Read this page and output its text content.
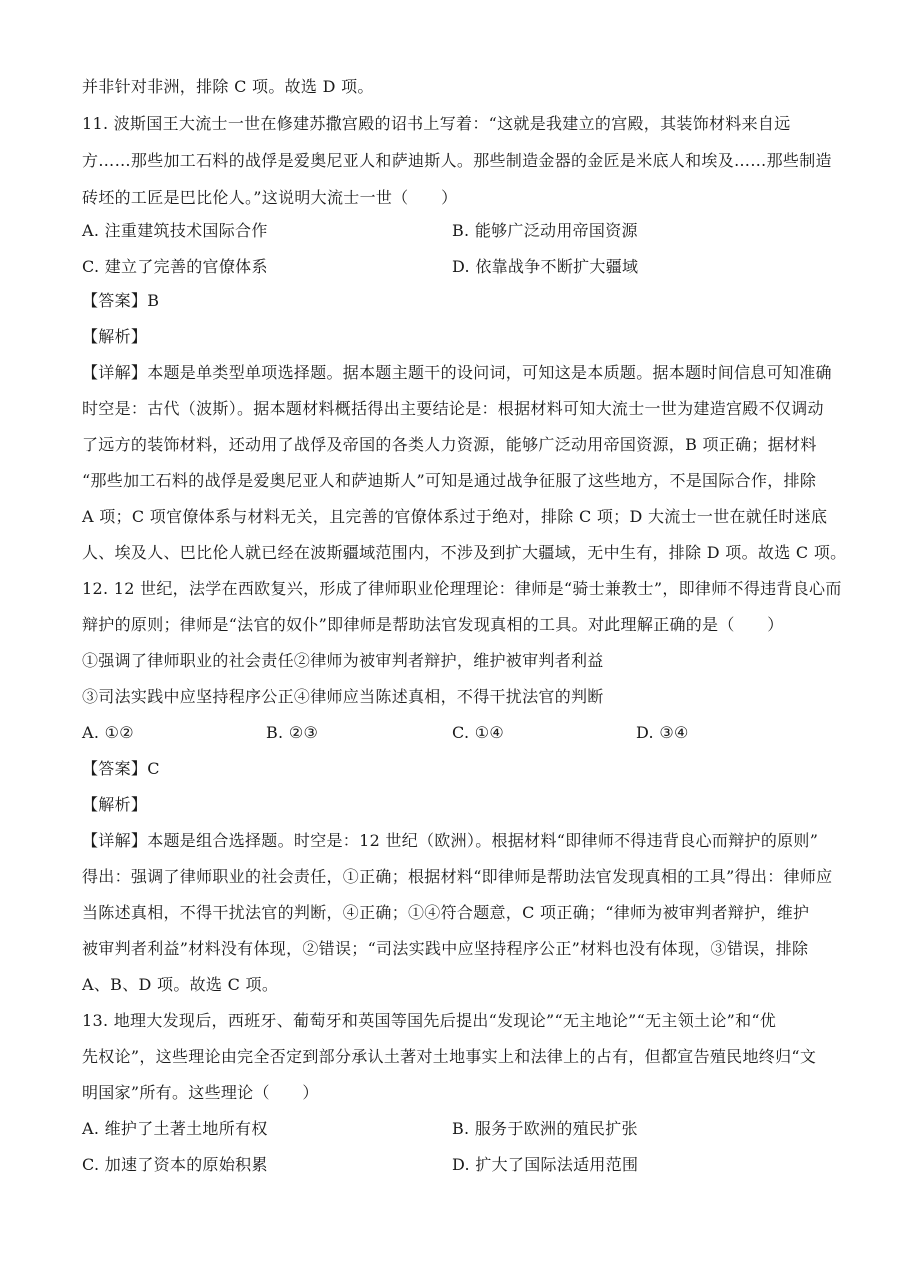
并非针对非洲，排除 C 项。故选 D 项。
11. 波斯国王大流士一世在修建苏撒宫殿的诏书上写着：“这就是我建立的宫殿，其装饰材料来自远
方……那些加工石料的战俘是爱奥尼亚人和萨迪斯人。那些制造金器的金匠是米底人和埃及……那些制造
砖坯的工匠是巴比伦人。”这说明大流士一世（　　）
A. 注重建筑技术国际合作	B. 能够广泛动用帝国资源
C. 建立了完善的官僚体系	D. 依靠战争不断扩大疆域
【答案】B
【解析】
【详解】本题是单类型单项选择题。据本题主题干的设问词，可知这是本质题。据本题时间信息可知准确
时空是：古代（波斯）。据本题材料概括得出主要结论是：根据材料可知大流士一世为建造宫殿不仅调动
了远方的装饰材料，还动用了战俘及帝国的各类人力资源，能够广泛动用帝国资源，B 项正确；据材料
“那些加工石料的战俘是爱奥尼亚人和萨迪斯人”可知是通过战争征服了这些地方，不是国际合作，排除
A 项；C 项官僚体系与材料无关，且完善的官僚体系过于绝对，排除 C 项；D 大流士一世在就任时迷底
人、埃及人、巴比伦人就已经在波斯疆域范围内，不涉及到扩大疆域，无中生有，排除 D 项。故选 C 项。
12. 12 世纪，法学在西欧复兴，形成了律师职业伦理理论：律师是“骑士兼教士”，即律师不得违背良心而
辩护的原则；律师是“法官的奴仆”即律师是帮助法官发现真相的工具。对此理解正确的是（　　）
①强调了律师职业的社会责任②律师为被审判者辩护，维护被审判者利益
③司法实践中应坚持程序公正④律师应当陈述真相，不得干扰法官的判断
A. ①②	B. ②③	C. ①④	D. ③④
【答案】C
【解析】
【详解】本题是组合选择题。时空是：12 世纪（欧洲）。根据材料“即律师不得违背良心而辩护的原则”
得出：强调了律师职业的社会责任，①正确；根据材料“即律师是帮助法官发现真相的工具”得出：律师应
当陈述真相，不得干扰法官的判断，④正确；①④符合题意，C 项正确；“律师为被审判者辩护，维护
被审判者利益”材料没有体现，②错误；“司法实践中应坚持程序公正”材料也没有体现，③错误，排除
A、B、D 项。故选 C 项。
13. 地理大发现后，西班牙、葡萄牙和英国等国先后提出“发现论”“无主地论”“无主领土论”和“优
先权论”，这些理论由完全否定到部分承认土著对土地事实上和法律上的占有，但都宣告殖民地终归“文
明国家”所有。这些理论（　　）
A. 维护了土著土地所有权	B. 服务于欧洲的殖民扩张
C. 加速了资本的原始积累	D. 扩大了国际法适用范围
